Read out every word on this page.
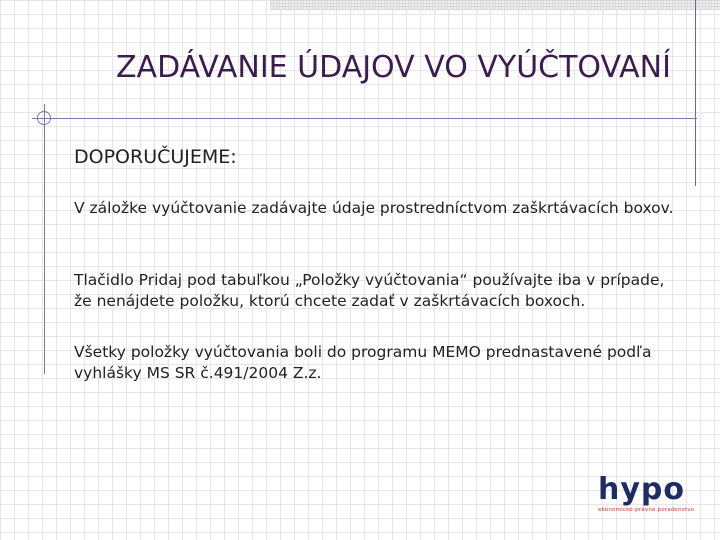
ZADÁVANIE ÚDAJOV VO VYÚČTOVANÍ

DOPORUČUJEME:

V záložke vyúčtovanie zadávajte údaje prostredníctvom zaškrtávacích boxov.

Tlačidlo Pridaj pod tabuľkou „Položky vyúčtovania“ používajte iba v prípade, že nenájdete položku, ktorú chcete zadať v zaškrtávacích boxoch.

Všetky položky vyúčtovania boli do programu MEMO prednastavené podľa vyhlášky MS SR č.491/2004 Z.z.

hypo
ekonomicko-právne poradenstvo
